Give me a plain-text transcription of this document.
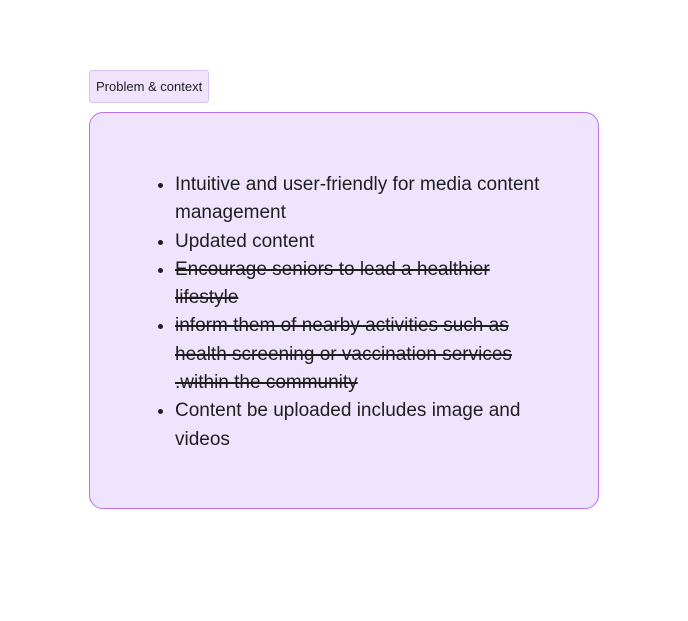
Problem & context
Intuitive and user-friendly for media content management
Updated content
Encourage seniors to lead a healthier lifestyle
inform them of nearby activities such as health screening or vaccination services .within the community
Content be uploaded includes image and videos
